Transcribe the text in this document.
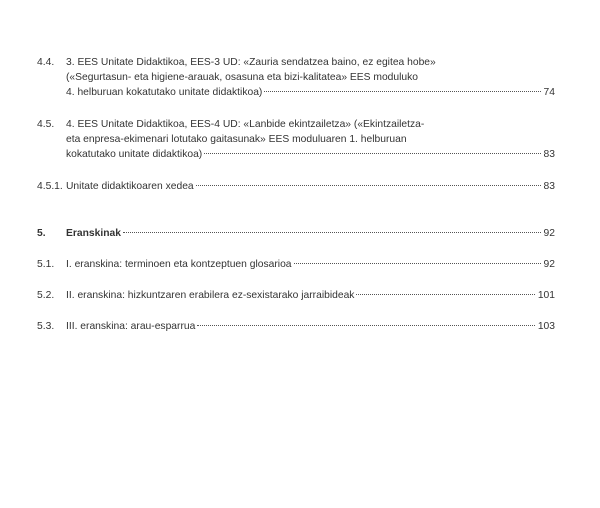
4.4. 3. EES Unitate Didaktikoa, EES-3 UD: «Zauria sendatzea baino, ez egitea hobe»
(«Segurtasun- eta higiene-arauak, osasuna eta bizi-kalitatea» EES moduluko
4. helburuan kokatutako unitate didaktikoa)	74
4.5. 4. EES Unitate Didaktikoa, EES-4 UD: «Lanbide ekintzailetza» («Ekintzailetza-
eta enpresa-ekimenari lotutako gaitasunak» EES moduluaren 1. helburuan
kokatutako unitate didaktikoa)	83
4.5.1. Unitate didaktikoaren xedea	83
5. Eranskinak	92
5.1. I. eranskina: terminoen eta kontzeptuen glosarioa	92
5.2. II. eranskina: hizkuntzaren erabilera ez-sexistarako jarraibideak	101
5.3. III. eranskina: arau-esparrua	103
